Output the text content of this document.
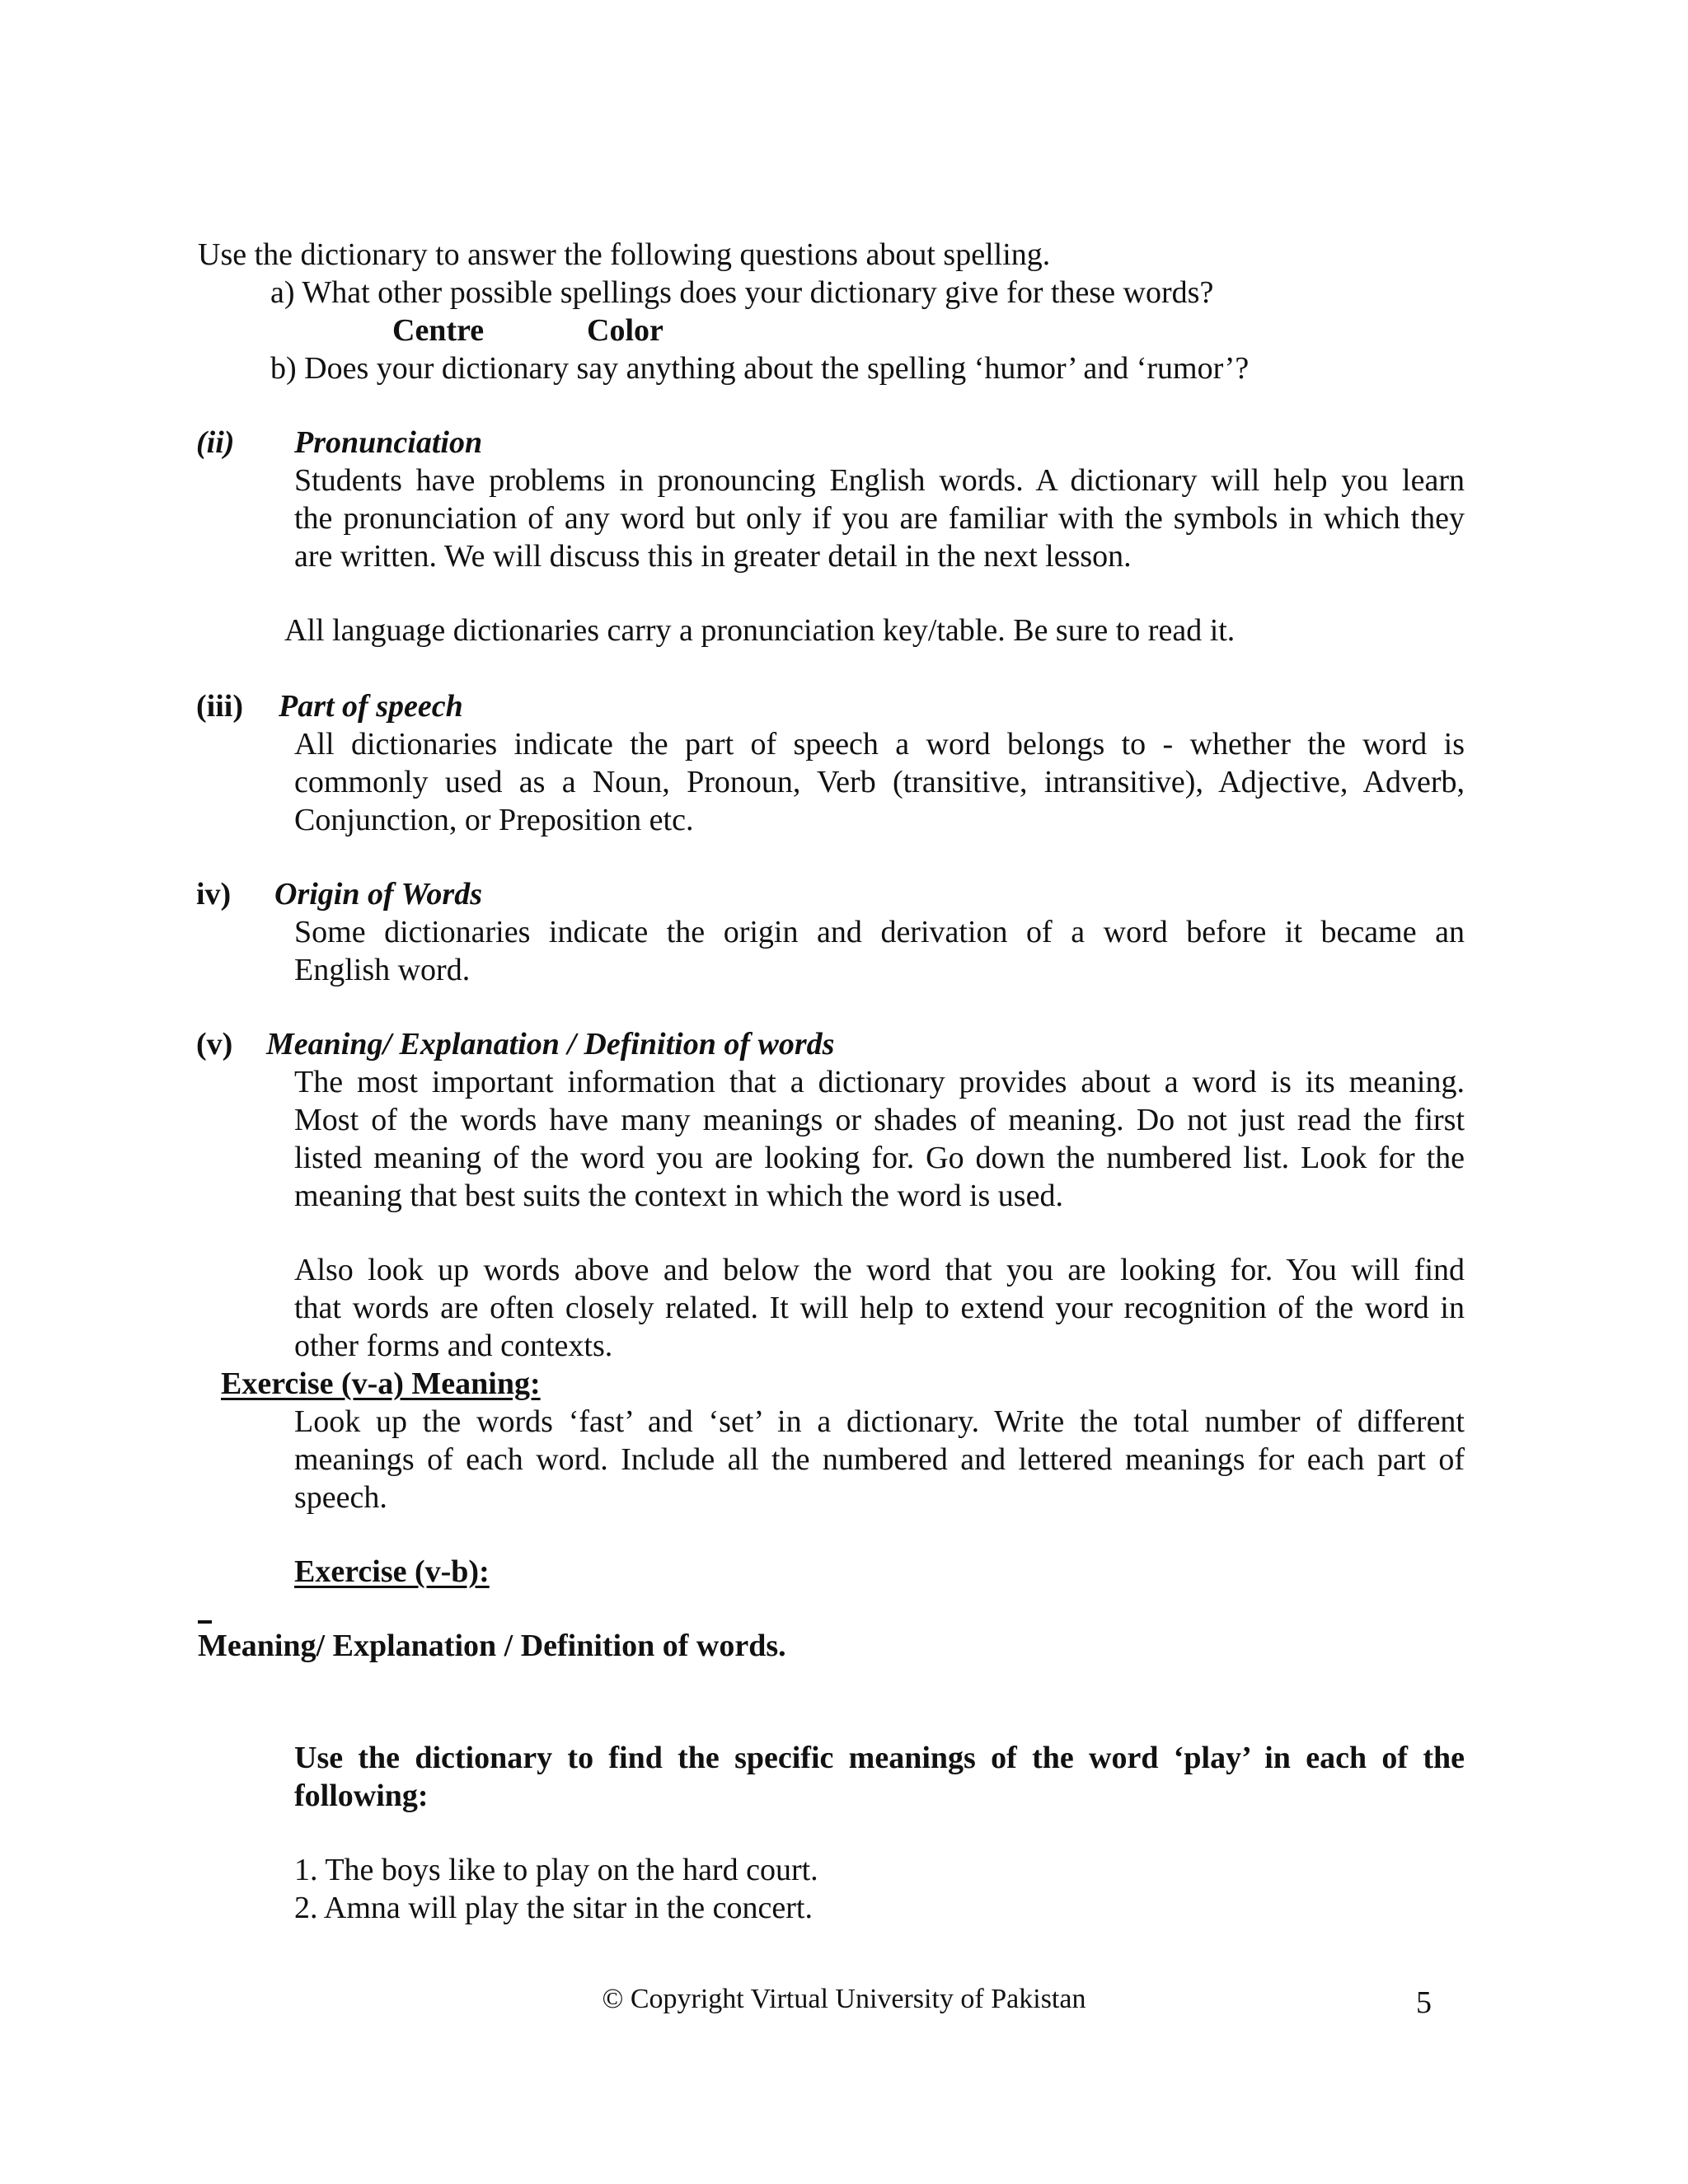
Use the dictionary to answer the following questions about spelling.
a) What other possible spellings does your dictionary give for these words?
Centre	Color
b) Does your dictionary say anything about the spelling ‘humor’ and ‘rumor’?
(ii) Pronunciation
Students have problems in pronouncing English words. A dictionary will help you learn
the pronunciation of any word but only if you are familiar with the symbols in which they
are written. We will discuss this in greater detail in the next lesson.
All language dictionaries carry a pronunciation key/table. Be sure to read it.
(iii) Part of speech
All dictionaries indicate the part of speech a word belongs to - whether the word is
commonly used as a Noun, Pronoun, Verb (transitive, intransitive), Adjective, Adverb,
Conjunction, or Preposition etc.
iv) Origin of Words
Some dictionaries indicate the origin and derivation of a word before it became an
English word.
(v) Meaning/ Explanation / Definition of words
The most important information that a dictionary provides about a word is its meaning.
Most of the words have many meanings or shades of meaning. Do not just read the first
listed meaning of the word you are looking for. Go down the numbered list. Look for the
meaning that best suits the context in which the word is used.
Also look up words above and below the word that you are looking for. You will find
that words are often closely related. It will help to extend your recognition of the word in
other forms and contexts.
Exercise (v-a) Meaning:
Look up the words ‘fast’ and ‘set’ in a dictionary. Write the total number of different
meanings of each word. Include all the numbered and lettered meanings for each part of
speech.
Exercise (v-b):
Meaning/ Explanation / Definition of words.
Use the dictionary to find the specific meanings of the word ‘play’ in each of the
following:
1. The boys like to play on the hard court.
2. Amna will play the sitar in the concert.
© Copyright Virtual University of Pakistan	5
